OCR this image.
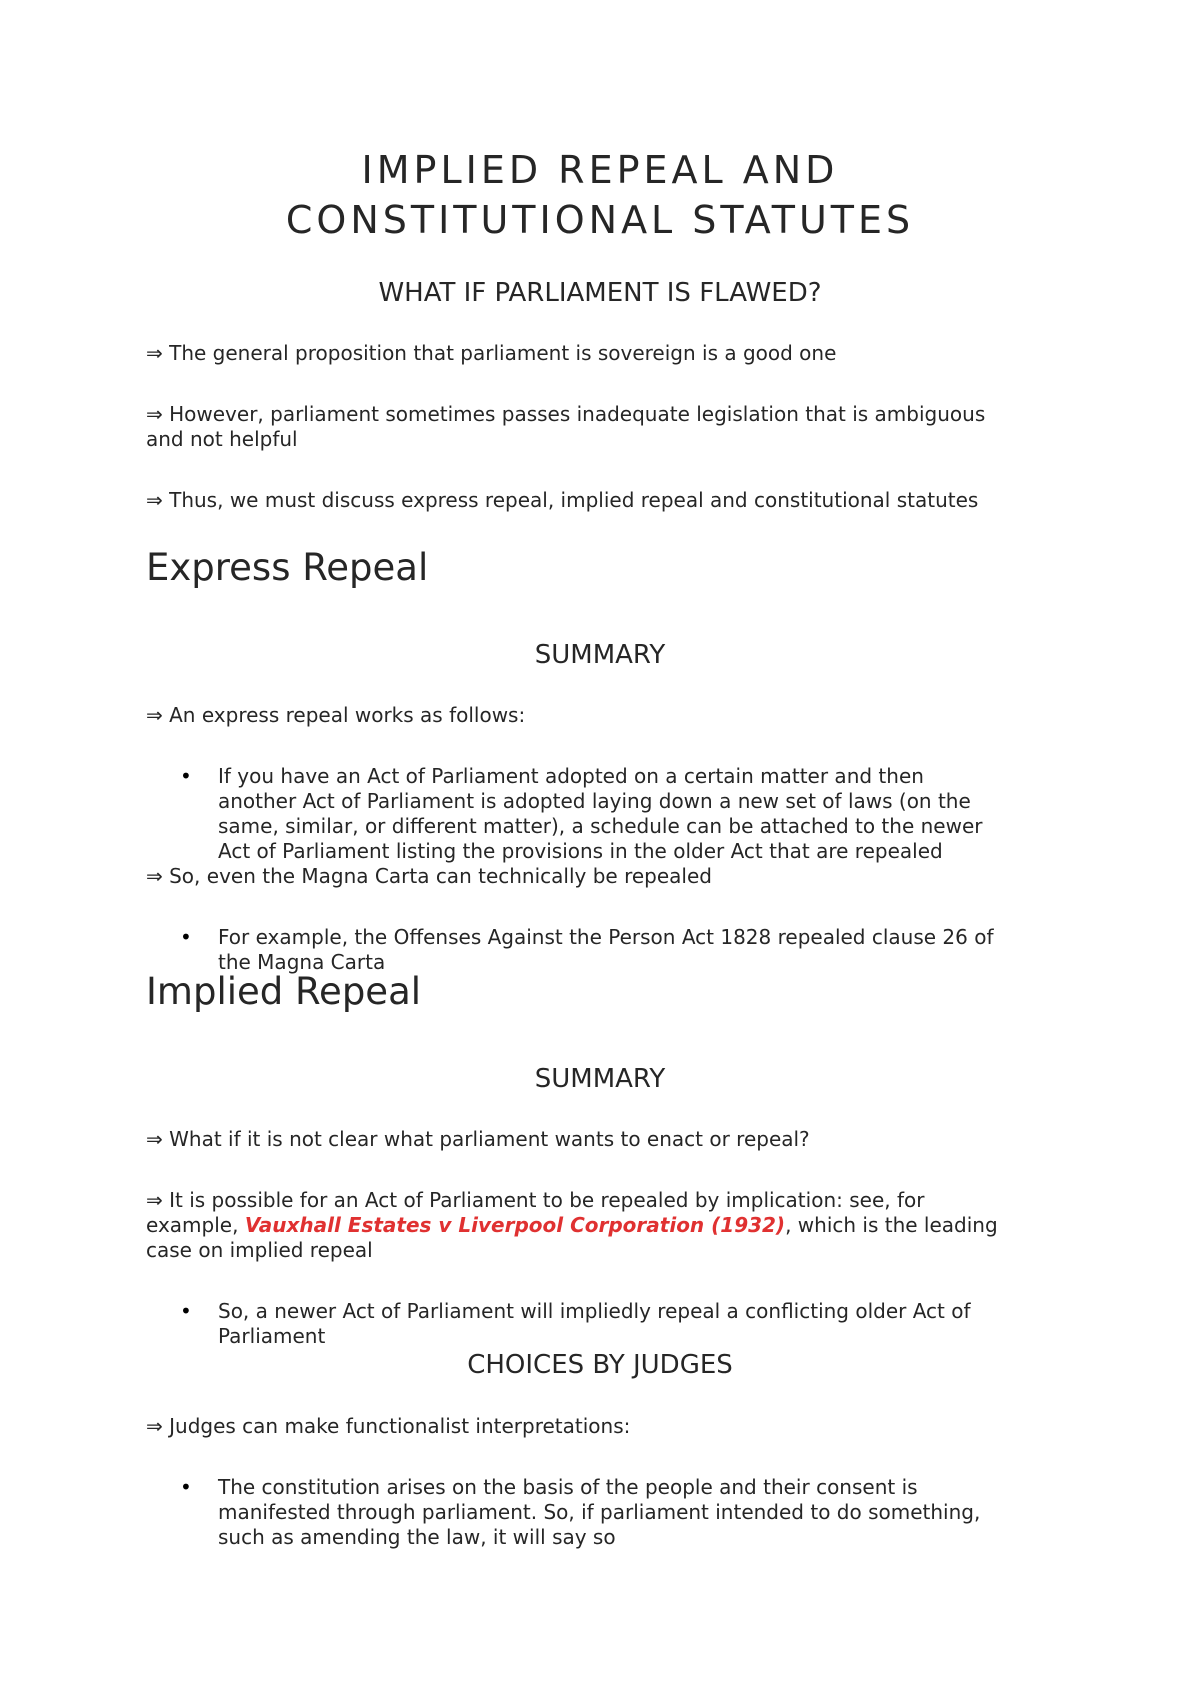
IMPLIED REPEAL AND
CONSTITUTIONAL STATUTES
WHAT IF PARLIAMENT IS FLAWED?
⇒ The general proposition that parliament is sovereign is a good one
⇒ However, parliament sometimes passes inadequate legislation that is ambiguous
and not helpful
⇒ Thus, we must discuss express repeal, implied repeal and constitutional statutes
Express Repeal
SUMMARY
⇒ An express repeal works as follows:
• If you have an Act of Parliament adopted on a certain matter and then
another Act of Parliament is adopted laying down a new set of laws (on the
same, similar, or different matter), a schedule can be attached to the newer
Act of Parliament listing the provisions in the older Act that are repealed
⇒ So, even the Magna Carta can technically be repealed
• For example, the Offenses Against the Person Act 1828 repealed clause 26 of
the Magna Carta
Implied Repeal
SUMMARY
⇒ What if it is not clear what parliament wants to enact or repeal?
⇒ It is possible for an Act of Parliament to be repealed by implication: see, for
example, Vauxhall Estates v Liverpool Corporation (1932), which is the leading
case on implied repeal
• So, a newer Act of Parliament will impliedly repeal a conflicting older Act of
Parliament
CHOICES BY JUDGES
⇒ Judges can make functionalist interpretations:
• The constitution arises on the basis of the people and their consent is
manifested through parliament. So, if parliament intended to do something,
such as amending the law, it will say so
